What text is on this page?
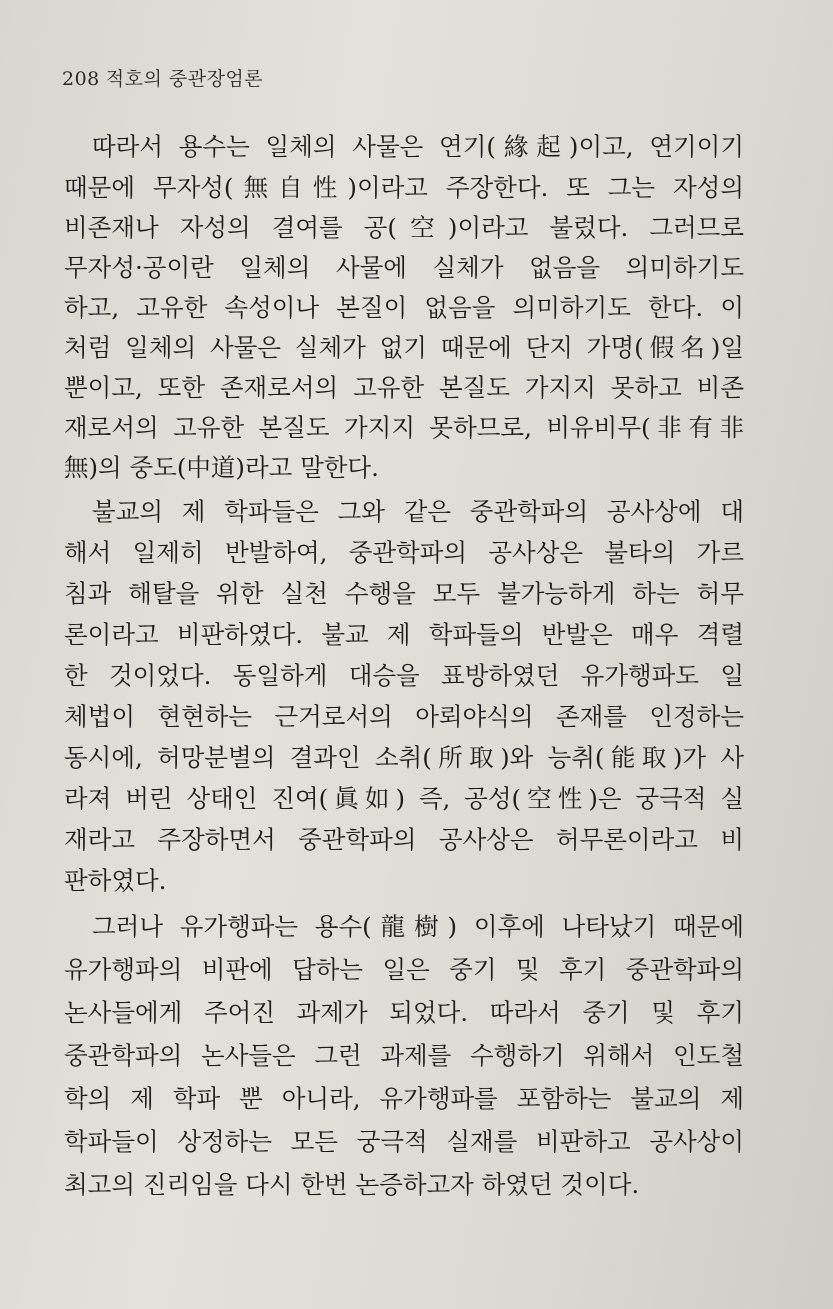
208 적호의 중관장엄론
따라서 용수는 일체의 사물은 연기(緣起)이고, 연기이기
때문에 무자성(無自性)이라고 주장한다. 또 그는 자성의
비존재나 자성의 결여를 공(空)이라고 불렀다. 그러므로
무자성·공이란 일체의 사물에 실체가 없음을 의미하기도
하고, 고유한 속성이나 본질이 없음을 의미하기도 한다. 이
처럼 일체의 사물은 실체가 없기 때문에 단지 가명(假名)일
뿐이고, 또한 존재로서의 고유한 본질도 가지지 못하고 비존
재로서의 고유한 본질도 가지지 못하므로, 비유비무(非有非
無)의 중도(中道)라고 말한다.
불교의 제 학파들은 그와 같은 중관학파의 공사상에 대
해서 일제히 반발하여, 중관학파의 공사상은 불타의 가르
침과 해탈을 위한 실천 수행을 모두 불가능하게 하는 허무
론이라고 비판하였다. 불교 제 학파들의 반발은 매우 격렬
한 것이었다. 동일하게 대승을 표방하였던 유가행파도 일
체법이 현현하는 근거로서의 아뢰야식의 존재를 인정하는
동시에, 허망분별의 결과인 소취(所取)와 능취(能取)가 사
라져 버린 상태인 진여(眞如) 즉, 공성(空性)은 궁극적 실
재라고 주장하면서 중관학파의 공사상은 허무론이라고 비
판하였다.
그러나 유가행파는 용수(龍樹) 이후에 나타났기 때문에
유가행파의 비판에 답하는 일은 중기 및 후기 중관학파의
논사들에게 주어진 과제가 되었다. 따라서 중기 및 후기
중관학파의 논사들은 그런 과제를 수행하기 위해서 인도철
학의 제 학파 뿐 아니라, 유가행파를 포함하는 불교의 제
학파들이 상정하는 모든 궁극적 실재를 비판하고 공사상이
최고의 진리임을 다시 한번 논증하고자 하였던 것이다.
